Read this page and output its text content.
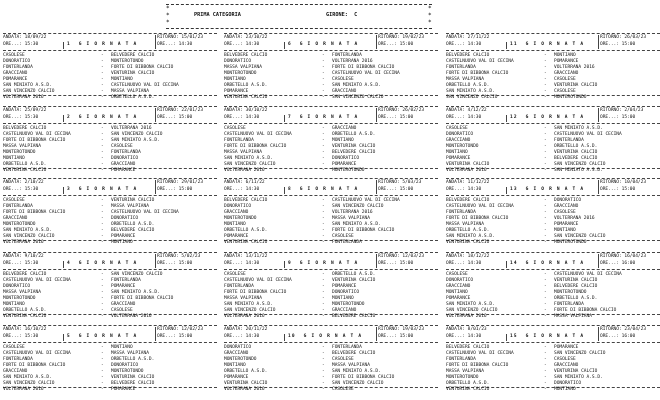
*
*
*
*
*
*
PRIMA CATEGORIA	GIRONE: C
ANDATA: 18/09/22
ORE...: 15:30
RITORNO: 15/01/23
ORE...: 14:30
1  G I O R N A T A
CASOLESE	- BELVEDERE CALCIO
DONORATICO	- MONTEROTONDO
FONTERLANDA	- FORTE DI BIBBONA CALCIO
GRACCIANO	- VENTURINA CALCIO
POMARANCE	- MONTIANO
SAN MINIATO A.S.D.	- CASTELNUOVO VAL DI CECINA
SAN VINCENZO CALCIO	- MASSA VALPIANA
VOLTERRANA 2016	- ORBETELLO A.S.D.
ANDATA: 25/09/22
ORE...: 15:30
RITORNO: 22/01/23
ORE...: 15:00
2  G I O R N A T A
BELVEDERE CALCIO	- VOLTERRANA 2016
CASTELNUOVO VAL DI CECINA	- SAN VINCENZO CALCIO
FORTE DI BIBBONA CALCIO	- SAN MINIATO A.S.D.
MASSA VALPIANA	- CASOLESE
MONTEROTONDO	- FONTERLANDA
MONTIANO	- DONORATICO
ORBETELLO A.S.D.	- GRACCIANO
VENTURINA CALCIO	- POMARANCE
ANDATA: 2/10/22
ORE...: 15:30
RITORNO: 29/01/23
ORE...: 15:00
3  G I O R N A T A
CASOLESE	- VENTURINA CALCIO
FONTERLANDA	- MASSA VALPIANA
FORTE DI BIBBONA CALCIO	- CASTELNUOVO VAL DI CECINA
GRACCIANO	- DONORATICO
MONTEROTONDO	- ORBETELLO A.S.D.
SAN MINIATO A.S.D.	- BELVEDERE CALCIO
SAN VINCENZO CALCIO	- POMARANCE
VOLTERRANA 2016	- MONTIANO
ANDATA: 9/10/22
ORE...: 15:30
RITORNO: 5/02/23
ORE...: 15:00
4  G I O R N A T A
BELVEDERE CALCIO	- SAN VINCENZO CALCIO
CASTELNUOVO VAL DI CECINA	- FONTERLANDA
DONORATICO	- POMARANCE
MASSA VALPIANA	- SAN MINIATO A.S.D.
MONTEROTONDO	- FORTE DI BIBBONA CALCIO
MONTIANO	- GRACCIANO
ORBETELLO A.S.D.	- CASOLESE
VENTURINA CALCIO	- VOLTERRANA 2016
ANDATA: 16/10/22
ORE...: 15:30
RITORNO: 12/02/23
ORE...: 15:00
5  G I O R N A T A
CASOLESE	- MONTIANO
CASTELNUOVO VAL DI CECINA	- MASSA VALPIANA
FONTERLANDA	- ORBETELLO A.S.D.
FORTE DI BIBBONA CALCIO	- DONORATICO
GRACCIANO	- MONTEROTONDO
SAN MINIATO A.S.D.	- VENTURINA CALCIO
SAN VINCENZO CALCIO	- BELVEDERE CALCIO
VOLTERRANA 2016	- POMARANCE
ANDATA: 23/10/22
ORE...: 14:30
RITORNO: 19/02/23
ORE...: 15:00
6  G I O R N A T A
BELVEDERE CALCIO	- FONTERLANDA
DONORATICO	- VOLTERRANA 2016
MASSA VALPIANA	- FORTE DI BIBBONA CALCIO
MONTEROTONDO	- CASTELNUOVO VAL DI CECINA
MONTIANO	- CASOLESE
ORBETELLO A.S.D.	- SAN MINIATO A.S.D.
POMARANCE	- GRACCIANO
VENTURINA CALCIO	- SAN VINCENZO CALCIO
ANDATA: 30/10/22
ORE...: 14:30
RITORNO: 26/02/23
ORE...: 15:00
7  G I O R N A T A
CASOLESE	- GRACCIANO
CASTELNUOVO VAL DI CECINA	- ORBETELLO A.S.D.
FONTERLANDA	- MONTIANO
FORTE DI BIBBONA CALCIO	- VENTURINA CALCIO
MASSA VALPIANA	- BELVEDERE CALCIO
SAN MINIATO A.S.D.	- DONORATICO
SAN VINCENZO CALCIO	- POMARANCE
VOLTERRANA 2016	- MONTEROTONDO
ANDATA: 6/11/22
ORE...: 14:30
RITORNO: 5/03/23
ORE...: 15:00
8  G I O R N A T A
BELVEDERE CALCIO	- CASTELNUOVO VAL DI CECINA
DONORATICO	- SAN VINCENZO CALCIO
GRACCIANO	- VOLTERRANA 2016
MONTEROTONDO	- MASSA VALPIANA
MONTIANO	- SAN MINIATO A.S.D.
ORBETELLO A.S.D.	- FORTE DI BIBBONA CALCIO
POMARANCE	- CASOLESE
VENTURINA CALCIO	- FONTERLANDA
ANDATA: 13/11/22
ORE...: 14:30
RITORNO: 12/03/23
ORE...: 15:00
9  G I O R N A T A
CASOLESE	- ORBETELLO A.S.D.
CASTELNUOVO VAL DI CECINA	- VENTURINA CALCIO
FONTERLANDA	- POMARANCE
FORTE DI BIBBONA CALCIO	- DONORATICO
MASSA VALPIANA	- MONTIANO
SAN MINIATO A.S.D.	- MONTEROTONDO
SAN VINCENZO CALCIO	- GRACCIANO
VOLTERRANA 2016	- BELVEDERE CALCIO
ANDATA: 20/11/22
ORE...: 14:30
RITORNO: 19/03/23
ORE...: 15:00
10  G I O R N A T A
DONORATICO	- FONTERLANDA
GRACCIANO	- BELVEDERE CALCIO
MONTEROTONDO	- CASOLESE
MONTIANO	- MASSA VALPIANA
ORBETELLO A.S.D.	- SAN MINIATO A.S.D.
POMARANCE	- FORTE DI BIBBONA CALCIO
VENTURINA CALCIO	- SAN VINCENZO CALCIO
VOLTERRANA 2016	- CASOLESE
ANDATA: 27/11/22
ORE...: 14:30
RITORNO: 26/03/23
ORE...: 15:00
11  G I O R N A T A
BELVEDERE CALCIO	- MONTIANO
CASTELNUOVO VAL DI CECINA	- POMARANCE
FONTERLANDA	- VOLTERRANA 2016
FORTE DI BIBBONA CALCIO	- GRACCIANO
MASSA VALPIANA	- CASOLESE
ORBETELLO A.S.D.	- VENTURINA CALCIO
SAN MINIATO A.S.D.	- CASOLESE
SAN VINCENZO CALCIO	- MONTEROTONDO
ANDATA: 4/12/22
ORE...: 14:30
RITORNO: 2/04/23
ORE...: 15:00
12  G I O R N A T A
CASOLESE	- SAN MINIATO A.S.D.
DONORATICO	- CASTELNUOVO VAL DI CECINA
GRACCIANO	- FONTERLANDA
MONTEROTONDO	- ORBETELLO A.S.D.
MONTIANO	- VENTURINA CALCIO
POMARANCE	- BELVEDERE CALCIO
VENTURINA CALCIO	- SAN VINCENZO CALCIO
VOLTERRANA 2016	- SAN MINIATO A.S.D.
ANDATA: 11/12/22
ORE...: 14:30
RITORNO: 10/04/23
ORE...: 15:00
13  G I O R N A T A
BELVEDERE CALCIO	- DONORATICO
CASTELNUOVO VAL DI CECINA	- GRACCIANO
FONTERLANDA	- CASOLESE
FORTE DI BIBBONA CALCIO	- VOLTERRANA 2016
MASSA VALPIANA	- POMARANCE
ORBETELLO A.S.D.	- MONTIANO
SAN MINIATO A.S.D.	- SAN VINCENZO CALCIO
VENTURINA CALCIO	- MONTEROTONDO
ANDATA: 18/12/22
ORE...: 14:30
RITORNO: 16/04/23
ORE...: 16:00
14  G I O R N A T A
CASOLESE	- CASTELNUOVO VAL DI CECINA
DONORATICO	- VENTURINA CALCIO
GRACCIANO	- BELVEDERE CALCIO
MONTIANO	- MONTEROTONDO
POMARANCE	- ORBETELLO A.S.D.
SAN MINIATO A.S.D.	- FONTERLANDA
SAN VINCENZO CALCIO	- FORTE DI BIBBONA CALCIO
VOLTERRANA 2016	- MASSA VALPIANA
ANDATA: 8/01/23
ORE...: 14:30
RITORNO: 23/04/23
ORE...: 16:00
15  G I O R N A T A
BELVEDERE CALCIO	- POMARANCE
CASTELNUOVO VAL DI CECINA	- SAN VINCENZO CALCIO
FONTERLANDA	- CASOLESE
FORTE DI BIBBONA CALCIO	- GRACCIANO
MASSA VALPIANA	- VENTURINA CALCIO
MONTEROTONDO	- SAN MINIATO A.S.D.
ORBETELLO A.S.D.	- DONORATICO
VENTURINA CALCIO	- MONTIANO
